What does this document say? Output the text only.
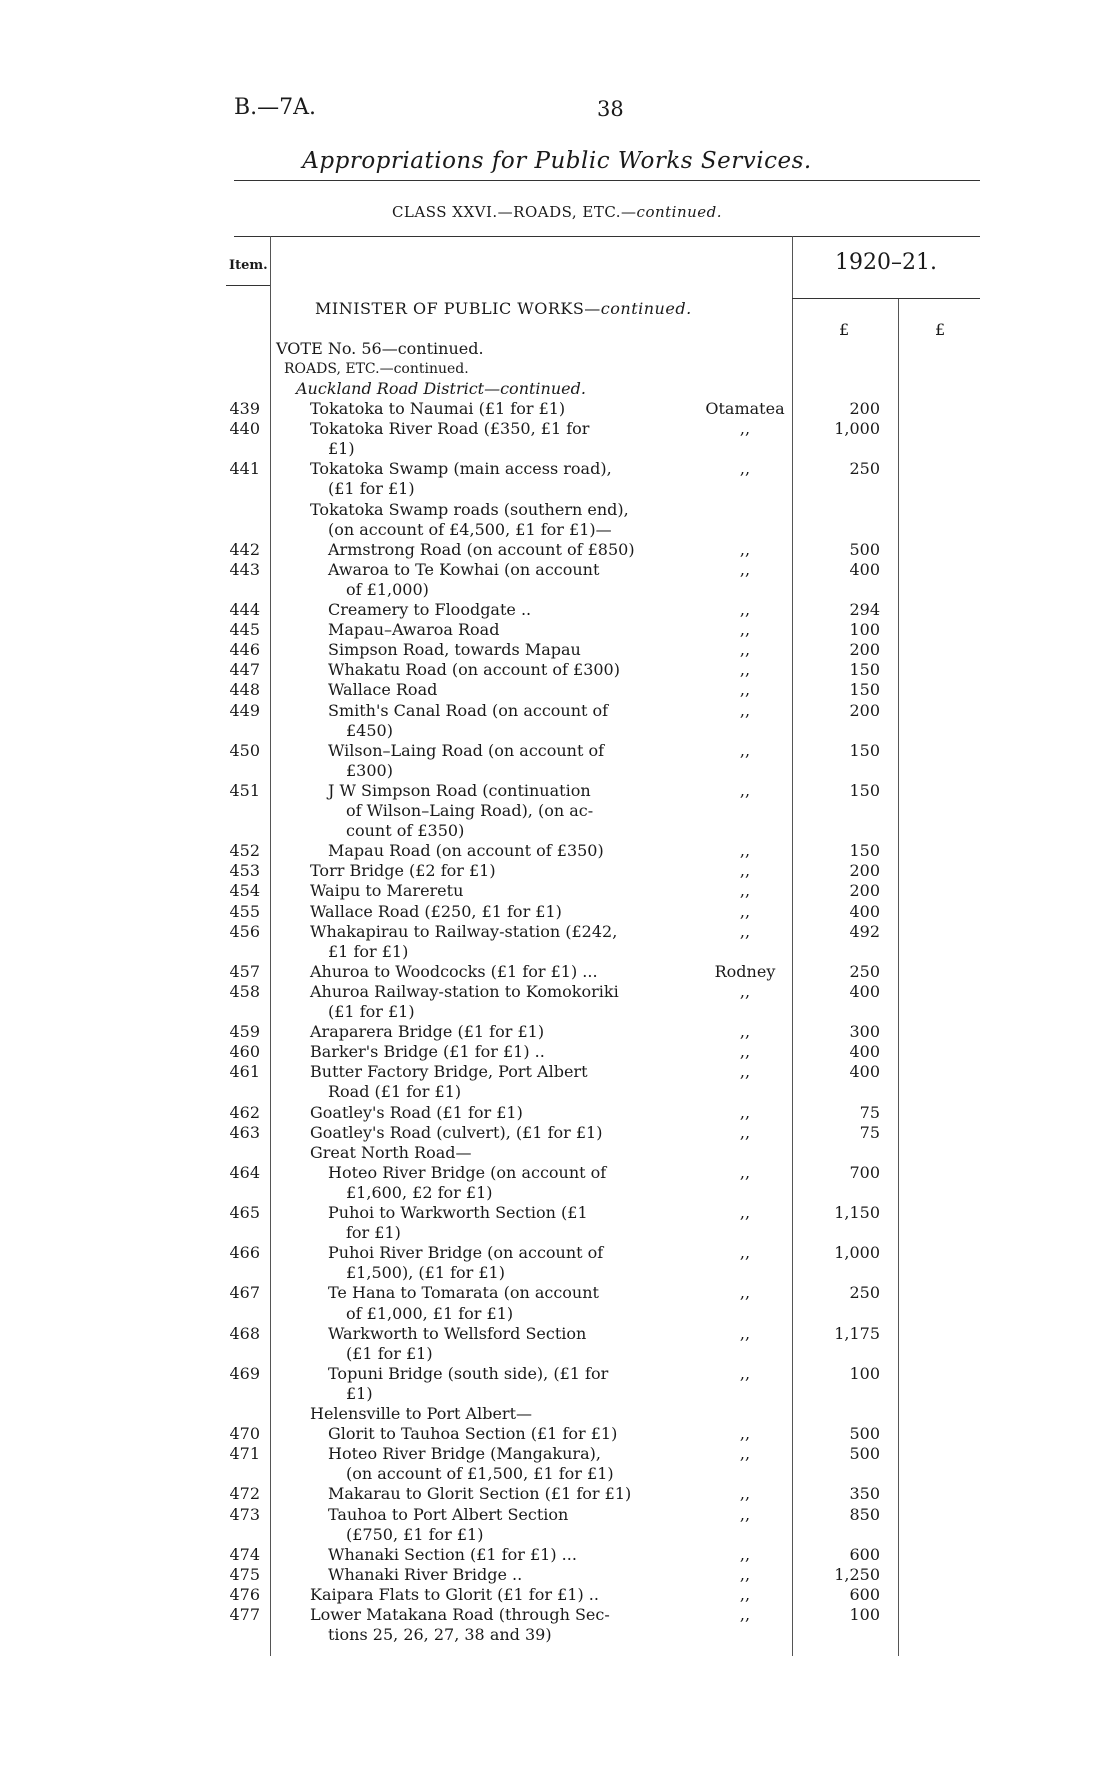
B.—7A.	38
Appropriations for Public Works Services.
CLASS XXVI.—ROADS, ETC.—continued.
Item.	1920–21.
£	£
MINISTER OF PUBLIC WORKS—continued.
VOTE No. 56—continued.
ROADS, ETC.—continued.
Auckland Road District—continued.
439	Tokatoka to Naumai (£1 for £1)	Otamatea	200
440	Tokatoka River Road (£350, £1 for
£1)
,,	1,000
441	Tokatoka Swamp (main access road),
(£1 for £1)
,,	250
Tokatoka Swamp roads (southern end),
(on account of £4,500, £1 for £1)—
442	Armstrong Road (on account of £850)	,,	500
443	Awaroa to Te Kowhai (on account
of £1,000)
,,	400
444	Creamery to Floodgate ..	,,	294
445	Mapau–Awaroa Road	,,	100
446	Simpson Road, towards Mapau	,,	200
447	Whakatu Road (on account of £300)	,,	150
448	Wallace Road	,,	150
449	Smith's Canal Road (on account of
£450)
,,	200
450	Wilson–Laing Road (on account of
£300)
,,	150
451	J W Simpson Road (continuation
of Wilson–Laing Road), (on ac-
count of £350)
,,	150
452	Mapau Road (on account of £350)	,,	150
453	Torr Bridge (£2 for £1)	,,	200
454	Waipu to Mareretu	,,	200
455	Wallace Road (£250, £1 for £1)	,,	400
456	Whakapirau to Railway-station (£242,
£1 for £1)
,,	492
457	Ahuroa to Woodcocks (£1 for £1) ...	Rodney	250
458	Ahuroa Railway-station to Komokoriki
(£1 for £1)
,,	400
459	Araparera Bridge (£1 for £1)	,,	300
460	Barker's Bridge (£1 for £1) ..	,,	400
461	Butter Factory Bridge, Port Albert
Road (£1 for £1)
,,	400
462	Goatley's Road (£1 for £1)	,,	75
463	Goatley's Road (culvert), (£1 for £1)	,,	75
Great North Road—
464	Hoteo River Bridge (on account of
£1,600, £2 for £1)
,,	700
465	Puhoi to Warkworth Section (£1
for £1)
,,	1,150
466	Puhoi River Bridge (on account of
£1,500), (£1 for £1)
,,	1,000
467	Te Hana to Tomarata (on account
of £1,000, £1 for £1)
,,	250
468	Warkworth to Wellsford Section
(£1 for £1)
,,	1,175
469	Topuni Bridge (south side), (£1 for
£1)
,,	100
Helensville to Port Albert—
470	Glorit to Tauhoa Section (£1 for £1)	,,	500
471	Hoteo River Bridge (Mangakura),
(on account of £1,500, £1 for £1)
,,	500
472	Makarau to Glorit Section (£1 for £1)	,,	350
473	Tauhoa to Port Albert Section
(£750, £1 for £1)
,,	850
474	Whanaki Section (£1 for £1) ...	,,	600
475	Whanaki River Bridge ..	,,	1,250
476	Kaipara Flats to Glorit (£1 for £1) ..	,,	600
477	Lower Matakana Road (through Sec-
tions 25, 26, 27, 38 and 39)
,,	100
